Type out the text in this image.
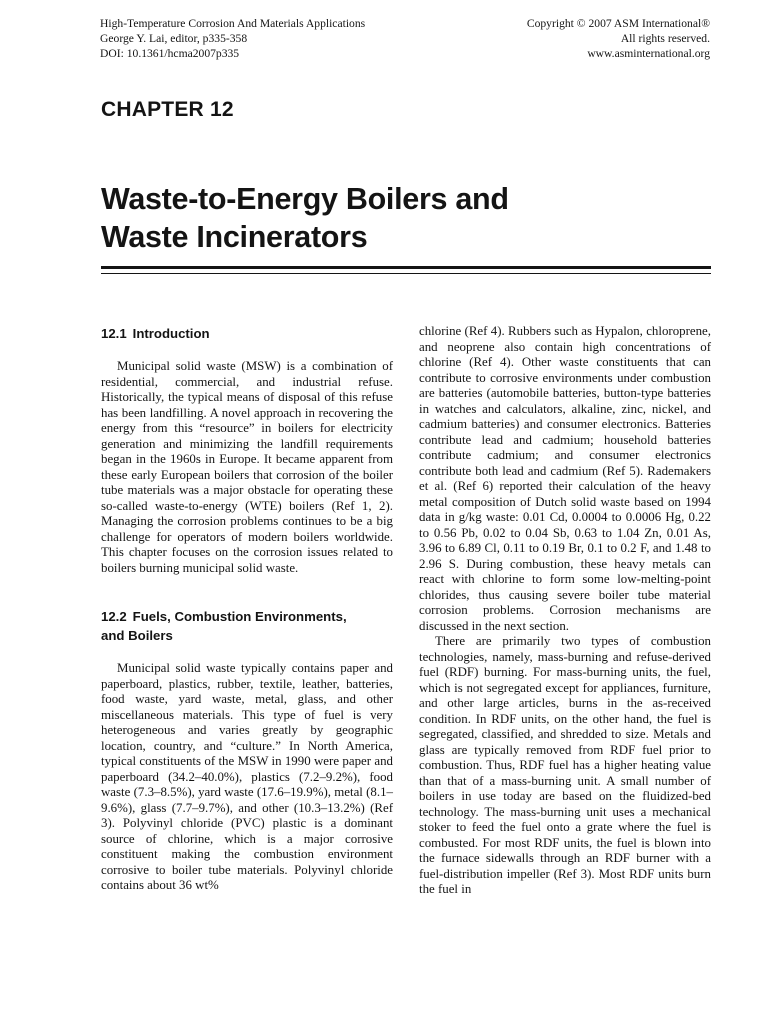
High-Temperature Corrosion And Materials Applications
George Y. Lai, editor, p335-358
DOI: 10.1361/hcma2007p335
Copyright © 2007 ASM International®
All rights reserved.
www.asminternational.org
CHAPTER 12
Waste-to-Energy Boilers and
Waste Incinerators
12.1 Introduction

Municipal solid waste (MSW) is a combination of residential, commercial, and industrial refuse. Historically, the typical means of disposal of this refuse has been landfilling. A novel approach in recovering the energy from this “resource” in boilers for electricity generation and minimizing the landfill requirements began in the 1960s in Europe. It became apparent from these early European boilers that corrosion of the boiler tube materials was a major obstacle for operating these so-called waste-to-energy (WTE) boilers (Ref 1, 2). Managing the corrosion problems continues to be a big challenge for operators of modern boilers worldwide. This chapter focuses on the corrosion issues related to boilers burning municipal solid waste.

12.2 Fuels, Combustion Environments,
and Boilers

Municipal solid waste typically contains paper and paperboard, plastics, rubber, textile, leather, batteries, food waste, yard waste, metal, glass, and other miscellaneous materials. This type of fuel is very heterogeneous and varies greatly by geographic location, country, and “culture.” In North America, typical constituents of the MSW in 1990 were paper and paperboard (34.2–40.0%), plastics (7.2–9.2%), food waste (7.3–8.5%), yard waste (17.6–19.9%), metal (8.1–9.6%), glass (7.7–9.7%), and other (10.3–13.2%) (Ref 3). Polyvinyl chloride (PVC) plastic is a dominant source of chlorine, which is a major corrosive constituent making the combustion environment corrosive to boiler tube materials. Polyvinyl chloride contains about 36 wt%

chlorine (Ref 4). Rubbers such as Hypalon, chloroprene, and neoprene also contain high concentrations of chlorine (Ref 4). Other waste constituents that can contribute to corrosive environments under combustion are batteries (automobile batteries, button-type batteries in watches and calculators, alkaline, zinc, nickel, and cadmium batteries) and consumer electronics. Batteries contribute lead and cadmium; household batteries contribute cadmium; and consumer electronics contribute both lead and cadmium (Ref 5). Rademakers et al. (Ref 6) reported their calculation of the heavy metal composition of Dutch solid waste based on 1994 data in g/kg waste: 0.01 Cd, 0.0004 to 0.0006 Hg, 0.22 to 0.56 Pb, 0.02 to 0.04 Sb, 0.63 to 1.04 Zn, 0.01 As, 3.96 to 6.89 Cl, 0.11 to 0.19 Br, 0.1 to 0.2 F, and 1.48 to 2.96 S. During combustion, these heavy metals can react with chlorine to form some low-melting-point chlorides, thus causing severe boiler tube material corrosion problems. Corrosion mechanisms are discussed in the next section.

There are primarily two types of combustion technologies, namely, mass-burning and refuse-derived fuel (RDF) burning. For mass-burning units, the fuel, which is not segregated except for appliances, furniture, and other large articles, burns in the as-received condition. In RDF units, on the other hand, the fuel is segregated, classified, and shredded to size. Metals and glass are typically removed from RDF fuel prior to combustion. Thus, RDF fuel has a higher heating value than that of a mass-burning unit. A small number of boilers in use today are based on the fluidized-bed technology. The mass-burning unit uses a mechanical stoker to feed the fuel onto a grate where the fuel is combusted. For most RDF units, the fuel is blown into the furnace sidewalls through an RDF burner with a fuel-distribution impeller (Ref 3). Most RDF units burn the fuel in
